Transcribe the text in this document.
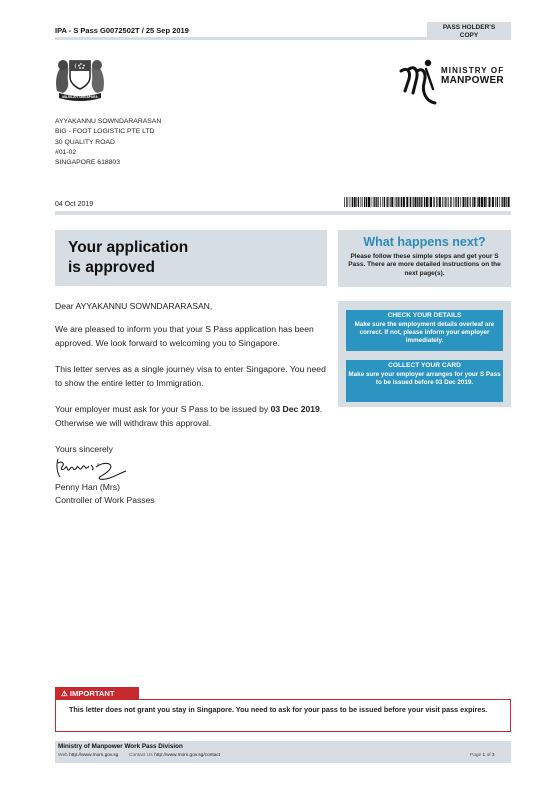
IPA - S Pass G0072502T / 25 Sep 2019	PASS HOLDER'S
COPY
MAJULAH SINGAPURA
MINISTRY OF
MANPOWER
AYYAKANNU SOWNDARARASAN
BIG - FOOT LOGISTIC PTE LTD
30 QUALITY ROAD
#01-02
SINGAPORE 618803
04 Oct 2019
Your application
is approved
What happens next?
Please follow these simple steps and get your S Pass. There are more detailed instructions on the next page(s).
CHECK YOUR DETAILS
Make sure the employment details overleaf are correct. If not, please inform your employer immediately.
COLLECT YOUR CARD
Make sure your employer arranges for your S Pass to be issued before 03 Dec 2019.
Dear AYYAKANNU SOWNDARARASAN,
We are pleased to inform you that your S Pass application has been approved. We look forward to welcoming you to Singapore.
This letter serves as a single journey visa to enter Singapore. You need to show the entire letter to Immigration.
Your employer must ask for your S Pass to be issued by 03 Dec 2019. Otherwise we will withdraw this approval.
Yours sincerely
Penny Han (Mrs)
Controller of Work Passes
⚠ IMPORTANT
This letter does not grant you stay in Singapore. You need to ask for your pass to be issued before your visit pass expires.
Ministry of Manpower Work Pass Division
Web http://www.mom.gov.sg Contact Us http://www.mom.gov.sg/contact	Page 1 of 3
